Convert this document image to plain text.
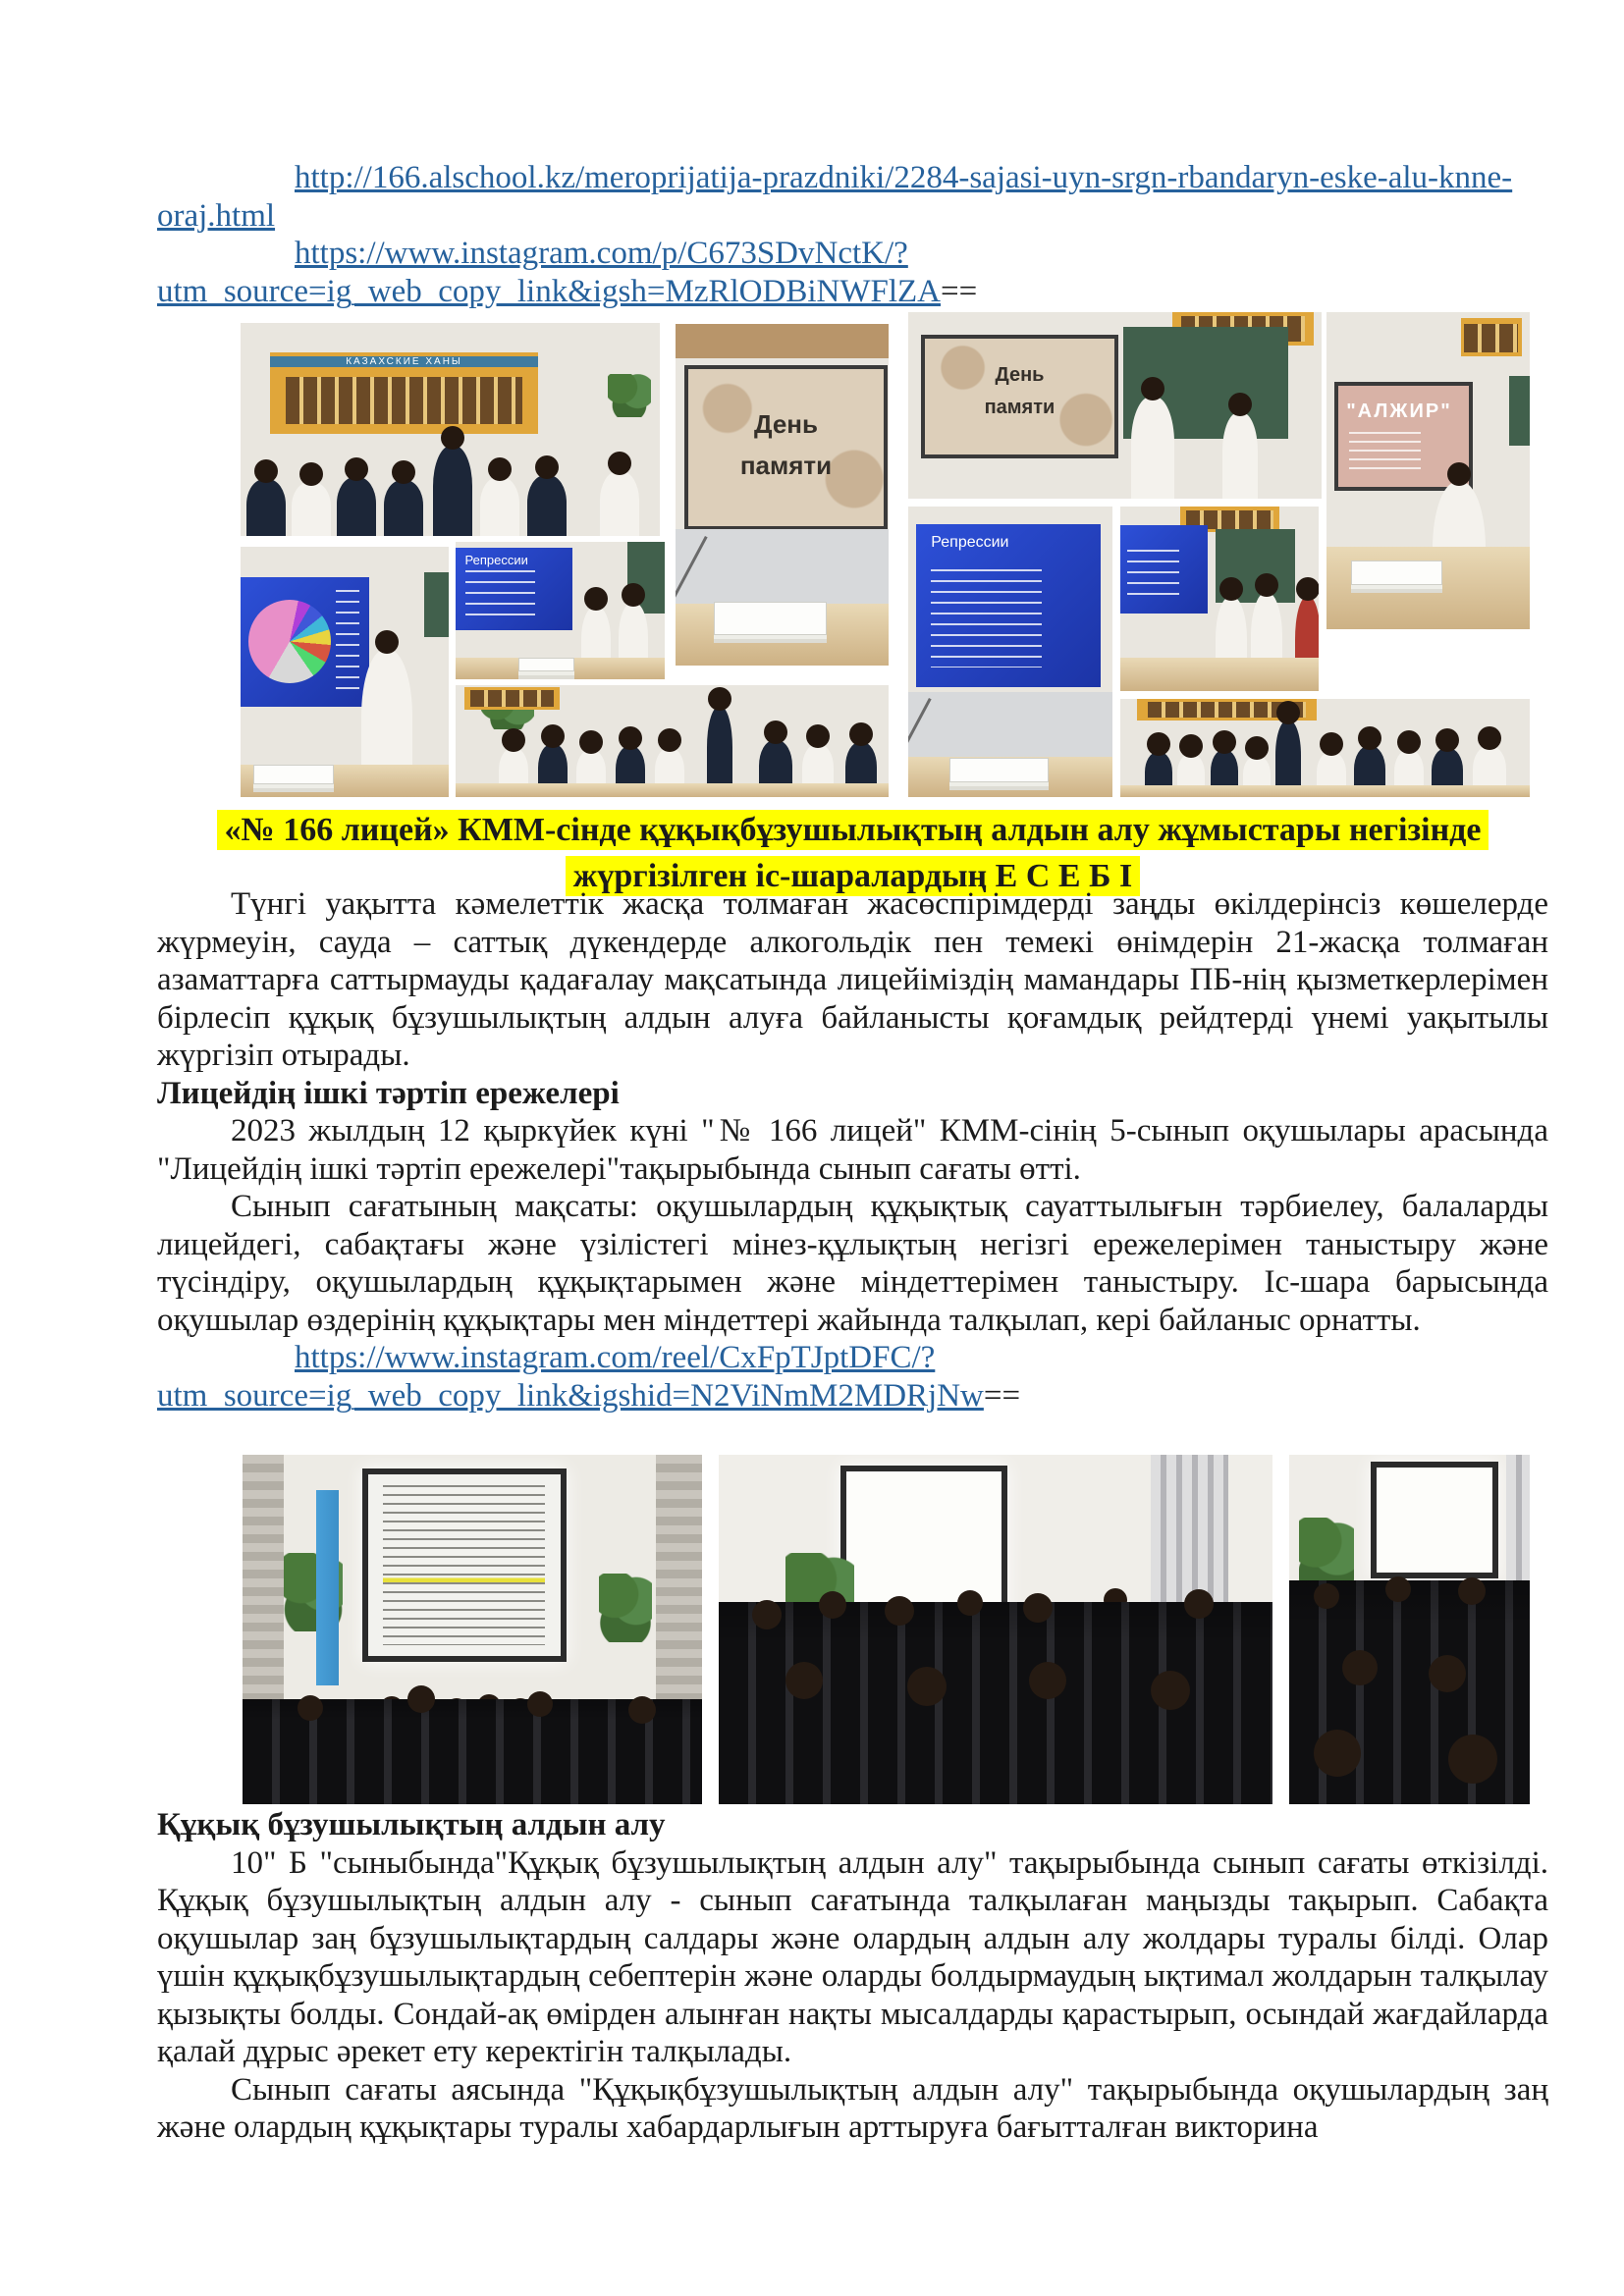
http://166.alschool.kz/meroprijatija-prazdniki/2284-sajasi-uyn-srgn-rbandaryn-eske-alu-knne-
oraj.html
https://www.instagram.com/p/C673SDvNctK/?
utm_source=ig_web_copy_link&igsh=MzRlODBiNWFlZA==
КАЗАХСКИЕ ХАНЫ
День
памяти
Репрессии
День
памяти	"АЛЖИР"
Репрессии
«№ 166 лицей» КММ-сінде құқықбұзушылықтың алдын алу жұмыстары негізінде
жүргізілген іс-шаралардың Е С Е Б І

Түнгі уақытта кәмелеттік жасқа толмаған жасөспірімдерді заңды өкілдерінсіз көшелерде жүрмеуін, сауда – саттық дүкендерде алкогольдік пен темекі өнімдерін 21-жасқа толмаған азаматтарға саттырмауды қадағалау мақсатында лицейіміздің мамандары ПБ-нің қызметкерлерімен бірлесіп құқық бұзушылықтың алдын алуға байланысты қоғамдық рейдтерді үнемі уақытылы жүргізіп отырады.

Лицейдің ішкі тәртіп ережелері

2023 жылдың 12 қыркүйек күні "№ 166 лицей" КММ-сінің 5-сынып оқушылары арасында "Лицейдің ішкі тәртіп ережелері"тақырыбында сынып сағаты өтті.

Сынып сағатының мақсаты: оқушылардың құқықтық сауаттылығын тәрбиелеу, балаларды лицейдегі, сабақтағы және үзілістегі мінез-құлықтың негізгі ережелерімен таныстыру және түсіндіру, оқушылардың құқықтарымен және міндеттерімен таныстыру. Іс-шара барысында оқушылар өздерінің құқықтары мен міндеттері жайында талқылап, кері байланыс орнатты.

https://www.instagram.com/reel/CxFpTJptDFC/?
utm_source=ig_web_copy_link&igshid=N2ViNmM2MDRjNw==

Құқық бұзушылықтың алдын алу

10" Б "сыныбында"Құқық бұзушылықтың алдын алу" тақырыбында сынып сағаты өткізілді. Құқық бұзушылықтың алдын алу - сынып сағатында талқылаған маңызды тақырып. Сабақта оқушылар заң бұзушылықтардың салдары және олардың алдын алу жолдары туралы білді. Олар үшін құқықбұзушылықтардың себептерін және оларды болдырмаудың ықтимал жолдарын талқылау қызықты болды. Сондай-ақ өмірден алынған нақты мысалдарды қарастырып, осындай жағдайларда қалай дұрыс әрекет ету керектігін талқылады.

Сынып сағаты аясында "Құқықбұзушылықтың алдын алу" тақырыбында оқушылардың заң және олардың құқықтары туралы хабардарлығын арттыруға бағытталған викторина
